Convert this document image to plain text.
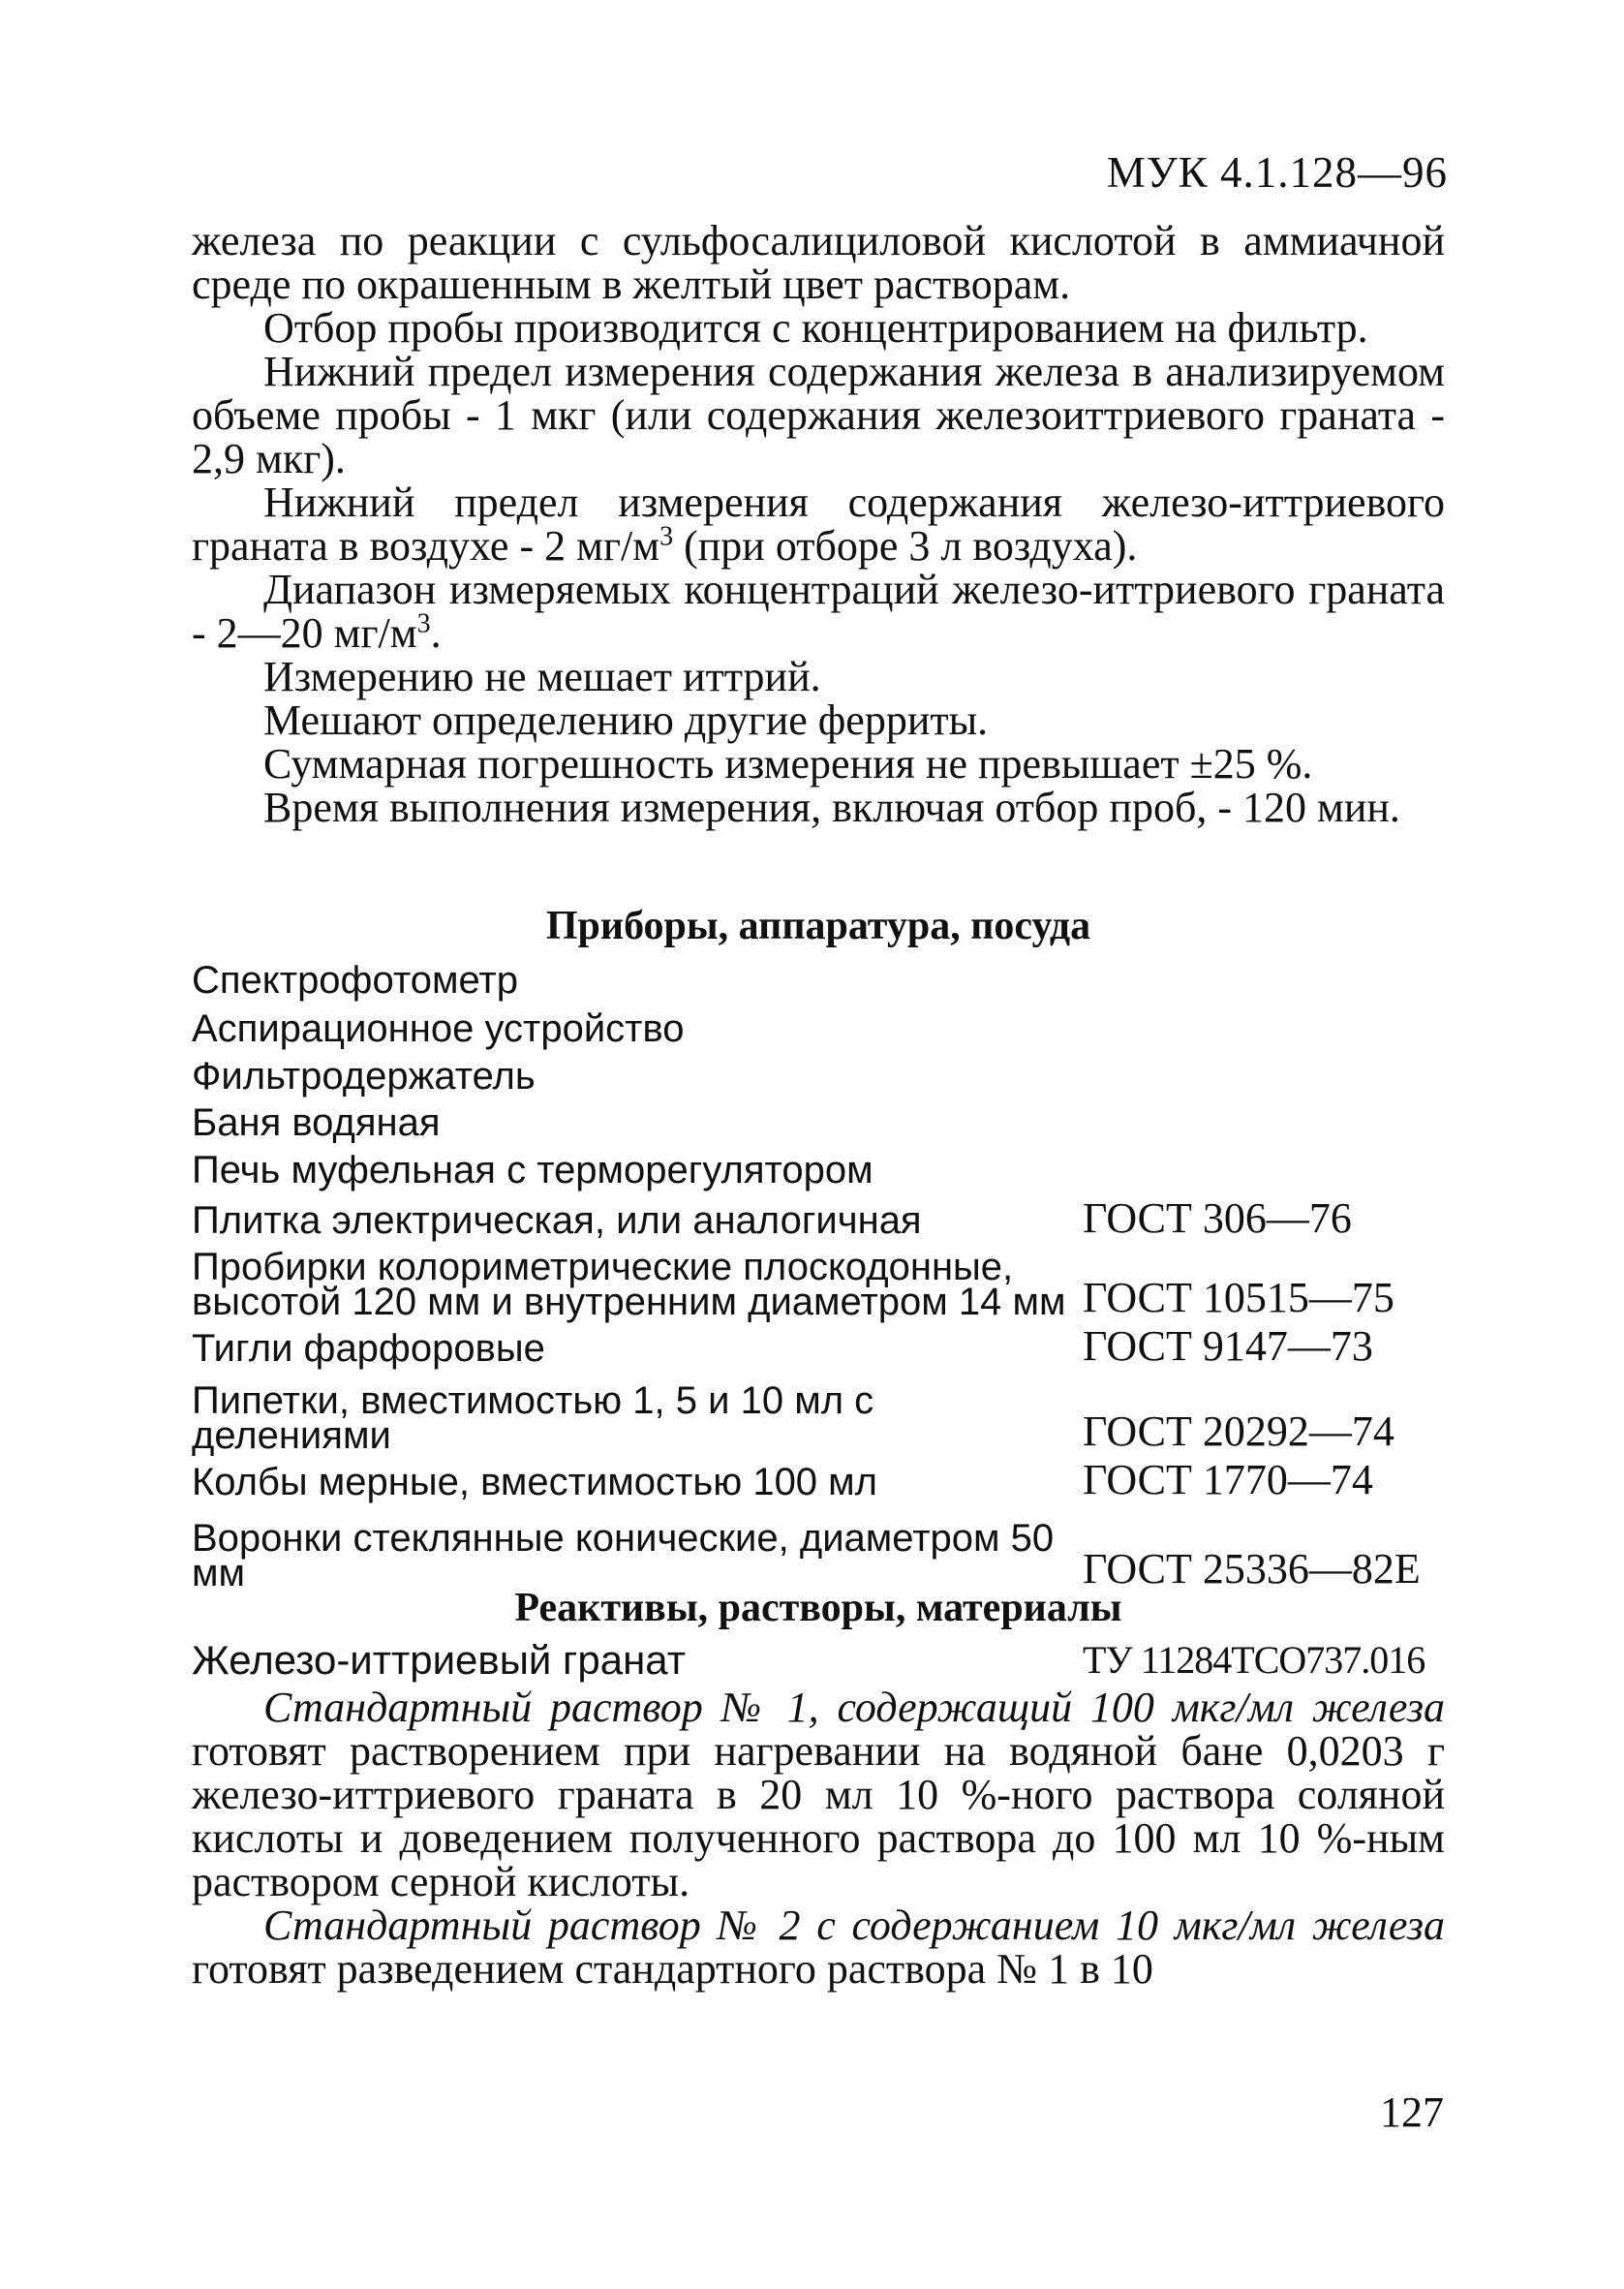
МУК 4.1.128—96

железа по реакции с сульфосалициловой кислотой в аммиачной среде по окрашенным в желтый цвет растворам.

Отбор пробы производится с концентрированием на фильтр.

Нижний предел измерения содержания железа в анализируемом объеме пробы - 1 мкг (или содержания железоиттриевого граната - 2,9 мкг).

Нижний предел измерения содержания железо-иттриевого граната в воздухе - 2 $мг/м^3$ (при отборе 3 л воздуха).

Диапазон измеряемых концентраций железо-иттриевого граната - 2—20 $мг/м^3$.

Измерению не мешает иттрий.

Мешают определению другие ферриты.

Суммарная погрешность измерения не превышает ±25 %.

Время выполнения измерения, включая отбор проб, - 120 мин.

Приборы, аппаратура, посуда
Спектрофотометр
Аспирационное устройство
Фильтродержатель
Баня водяная
Печь муфельная с терморегулятором
Плитка электрическая, или аналогичная	ГОСТ 306—76
Пробирки колориметрические плоскодонные, высотой 120 мм и внутренним диаметром 14 мм ГОСТ 10515—75
Тигли фарфоровые	ГОСТ 9147—73
Пипетки, вместимостью 1, 5 и 10 мл с делениями	ГОСТ 20292—74
Колбы мерные, вместимостью 100 мл	ГОСТ 1770—74
Воронки стеклянные конические, диаметром 50 мм	ГОСТ 25336—82Е
Реактивы, растворы, материалы
Железо-иттриевый гранат	ТУ 11284ТСО737.016

Стандартный раствор № 1, содержащий 100 мкг/мл железа готовят растворением при нагревании на водяной бане 0,0203 г железо-иттриевого граната в 20 мл 10 %-ного раствора соляной кислоты и доведением полученного раствора до 100 мл 10 %-ным раствором серной кислоты.

Стандартный раствор № 2 с содержанием 10 мкг/мл железа готовят разведением стандартного раствора № 1 в 10

127
